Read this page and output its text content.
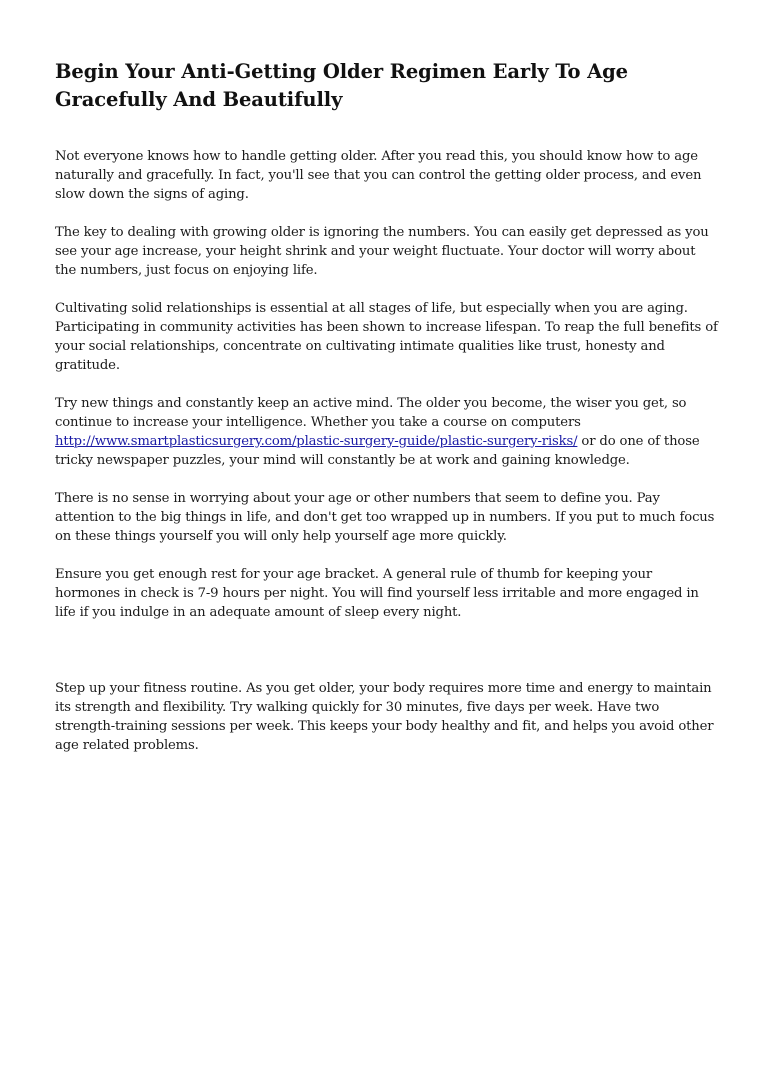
Begin Your Anti-Getting Older Regimen Early To Age Gracefully And Beautifully

Not everyone knows how to handle getting older. After you read this, you should know how to age naturally and gracefully. In fact, you'll see that you can control the getting older process, and even slow down the signs of aging.

The key to dealing with growing older is ignoring the numbers. You can easily get depressed as you see your age increase, your height shrink and your weight fluctuate. Your doctor will worry about the numbers, just focus on enjoying life.

Cultivating solid relationships is essential at all stages of life, but especially when you are aging. Participating in community activities has been shown to increase lifespan. To reap the full benefits of your social relationships, concentrate on cultivating intimate qualities like trust, honesty and gratitude.

Try new things and constantly keep an active mind. The older you become, the wiser you get, so continue to increase your intelligence. Whether you take a course on computers http://www.smartplasticsurgery.com/plastic-surgery-guide/plastic-surgery-risks/ or do one of those tricky newspaper puzzles, your mind will constantly be at work and gaining knowledge.

There is no sense in worrying about your age or other numbers that seem to define you. Pay attention to the big things in life, and don't get too wrapped up in numbers. If you put to much focus on these things yourself you will only help yourself age more quickly.

Ensure you get enough rest for your age bracket. A general rule of thumb for keeping your hormones in check is 7-9 hours per night. You will find yourself less irritable and more engaged in life if you indulge in an adequate amount of sleep every night.

Step up your fitness routine. As you get older, your body requires more time and energy to maintain its strength and flexibility. Try walking quickly for 30 minutes, five days per week. Have two strength-training sessions per week. This keeps your body healthy and fit, and helps you avoid other age related problems.
